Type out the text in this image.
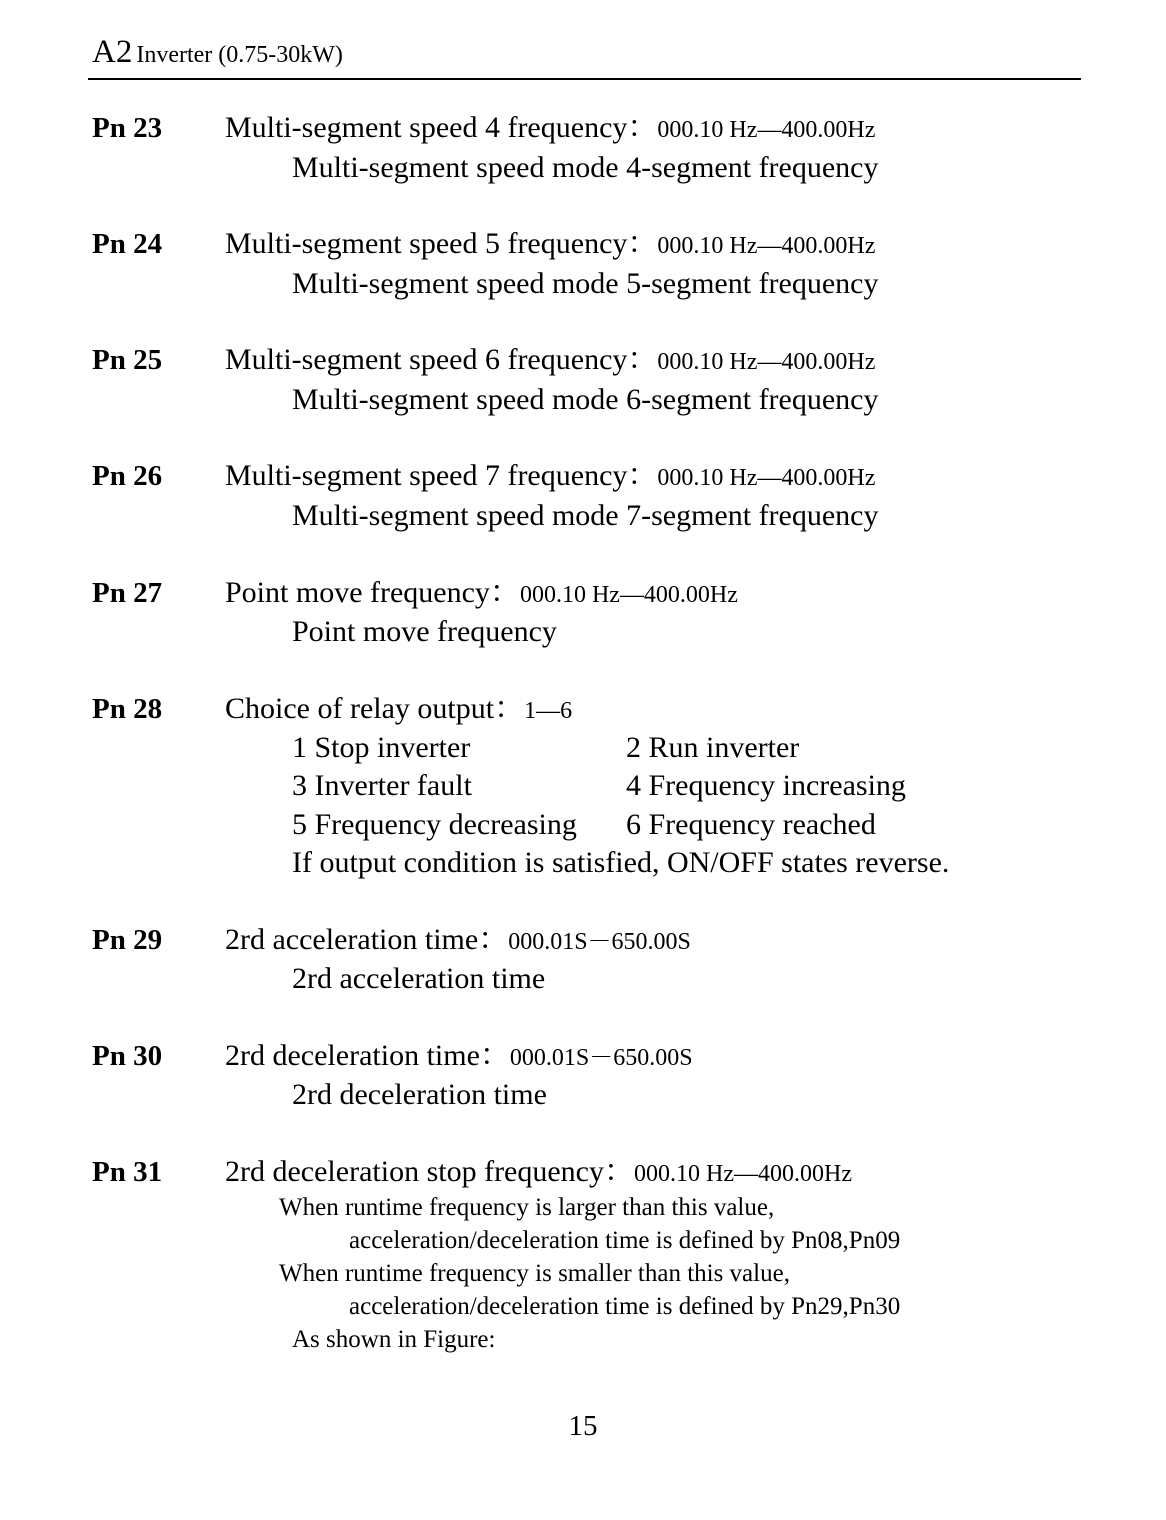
A2 Inverter (0.75-30kW)
Pn 23 Multi-segment speed 4 frequency：000.10 Hz—400.00Hz
Multi-segment speed mode 4-segment frequency
Pn 24 Multi-segment speed 5 frequency：000.10 Hz—400.00Hz
Multi-segment speed mode 5-segment frequency
Pn 25 Multi-segment speed 6 frequency：000.10 Hz—400.00Hz
Multi-segment speed mode 6-segment frequency
Pn 26 Multi-segment speed 7 frequency：000.10 Hz—400.00Hz
Multi-segment speed mode 7-segment frequency
Pn 27 Point move frequency：000.10 Hz—400.00Hz
Point move frequency
Pn 28 Choice of relay output：1—6
1 Stop inverter	2 Run inverter
3 Inverter fault	4 Frequency increasing
5 Frequency decreasing 6 Frequency reached
If output condition is satisfied, ON/OFF states reverse.
Pn 29 2rd acceleration time：000.01S－650.00S
2rd acceleration time
Pn 30 2rd deceleration time：000.01S－650.00S
2rd deceleration time
Pn 31 2rd deceleration stop frequency：000.10 Hz—400.00Hz
When runtime frequency is larger than this value,
acceleration/deceleration time is defined by Pn08,Pn09
When runtime frequency is smaller than this value,
acceleration/deceleration time is defined by Pn29,Pn30
As shown in Figure:
15
